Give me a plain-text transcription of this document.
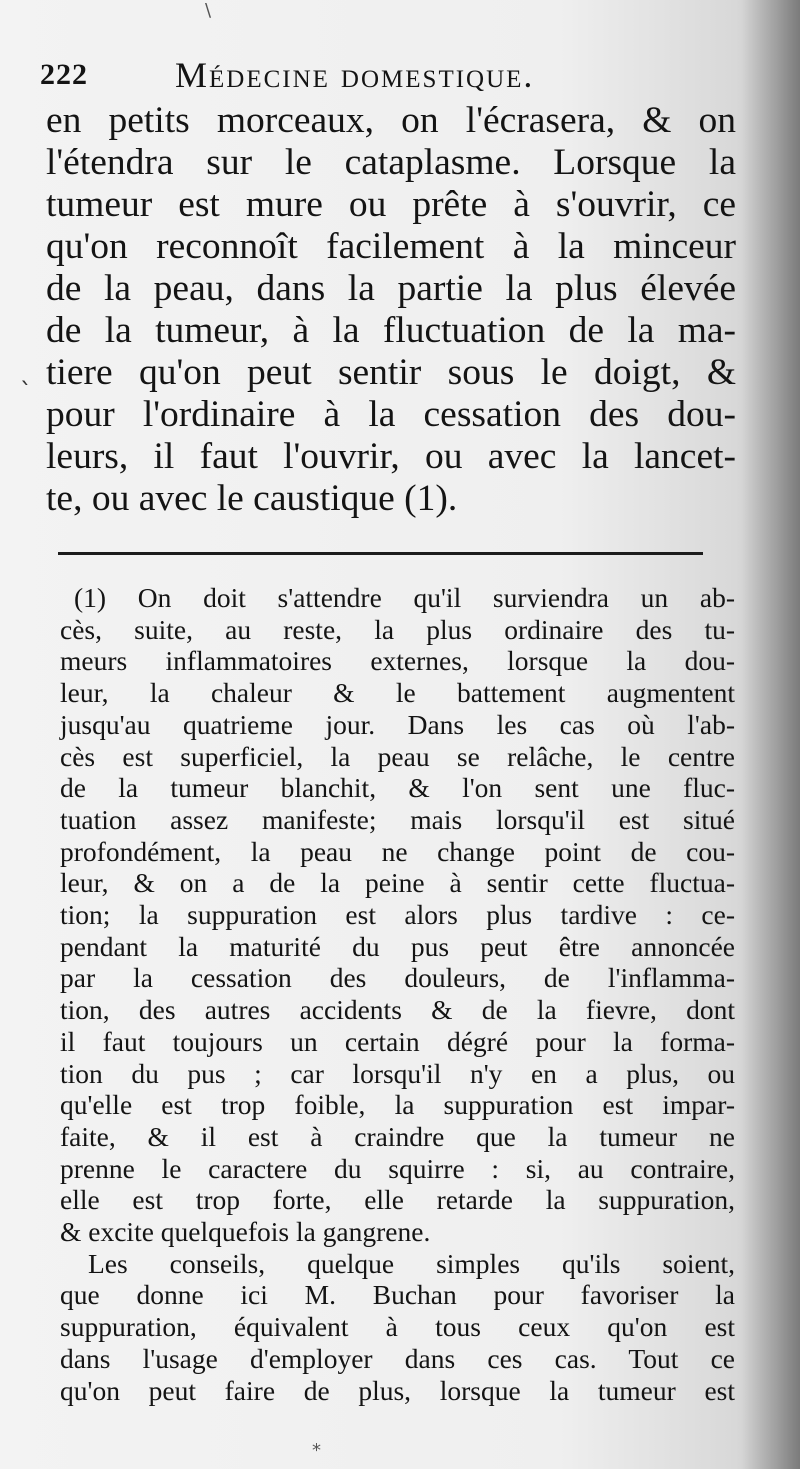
222 Médecine domestique.
en petits morceaux, on l'écrasera, & on
l'étendra sur le cataplasme. Lorsque la
tumeur est mure ou prête à s'ouvrir, ce
qu'on reconnoît facilement à la minceur
de la peau, dans la partie la plus élevée
de la tumeur, à la fluctuation de la ma-
tiere qu'on peut sentir sous le doigt, &
pour l'ordinaire à la cessation des dou-
leurs, il faut l'ouvrir, ou avec la lancet-
te, ou avec le caustique (1).
`
(1) On doit s'attendre qu'il surviendra un ab-
cès, suite, au reste, la plus ordinaire des tu-
meurs inflammatoires externes, lorsque la dou-
leur, la chaleur & le battement augmentent
jusqu'au quatrieme jour. Dans les cas où l'ab-
cès est superficiel, la peau se relâche, le centre
de la tumeur blanchit, & l'on sent une fluc-
tuation assez manifeste; mais lorsqu'il est situé
profondément, la peau ne change point de cou-
leur, & on a de la peine à sentir cette fluctua-
tion; la suppuration est alors plus tardive : ce-
pendant la maturité du pus peut être annoncée
par la cessation des douleurs, de l'inflamma-
tion, des autres accidents & de la fievre, dont
il faut toujours un certain dégré pour la forma-
tion du pus ; car lorsqu'il n'y en a plus, ou
qu'elle est trop foible, la suppuration est impar-
faite, & il est à craindre que la tumeur ne
prenne le caractere du squirre : si, au contraire,
elle est trop forte, elle retarde la suppuration,
& excite quelquefois la gangrene.
Les conseils, quelque simples qu'ils soient,
que donne ici M. Buchan pour favoriser la
suppuration, équivalent à tous ceux qu'on est
dans l'usage d'employer dans ces cas. Tout ce
qu'on peut faire de plus, lorsque la tumeur est
\
*
